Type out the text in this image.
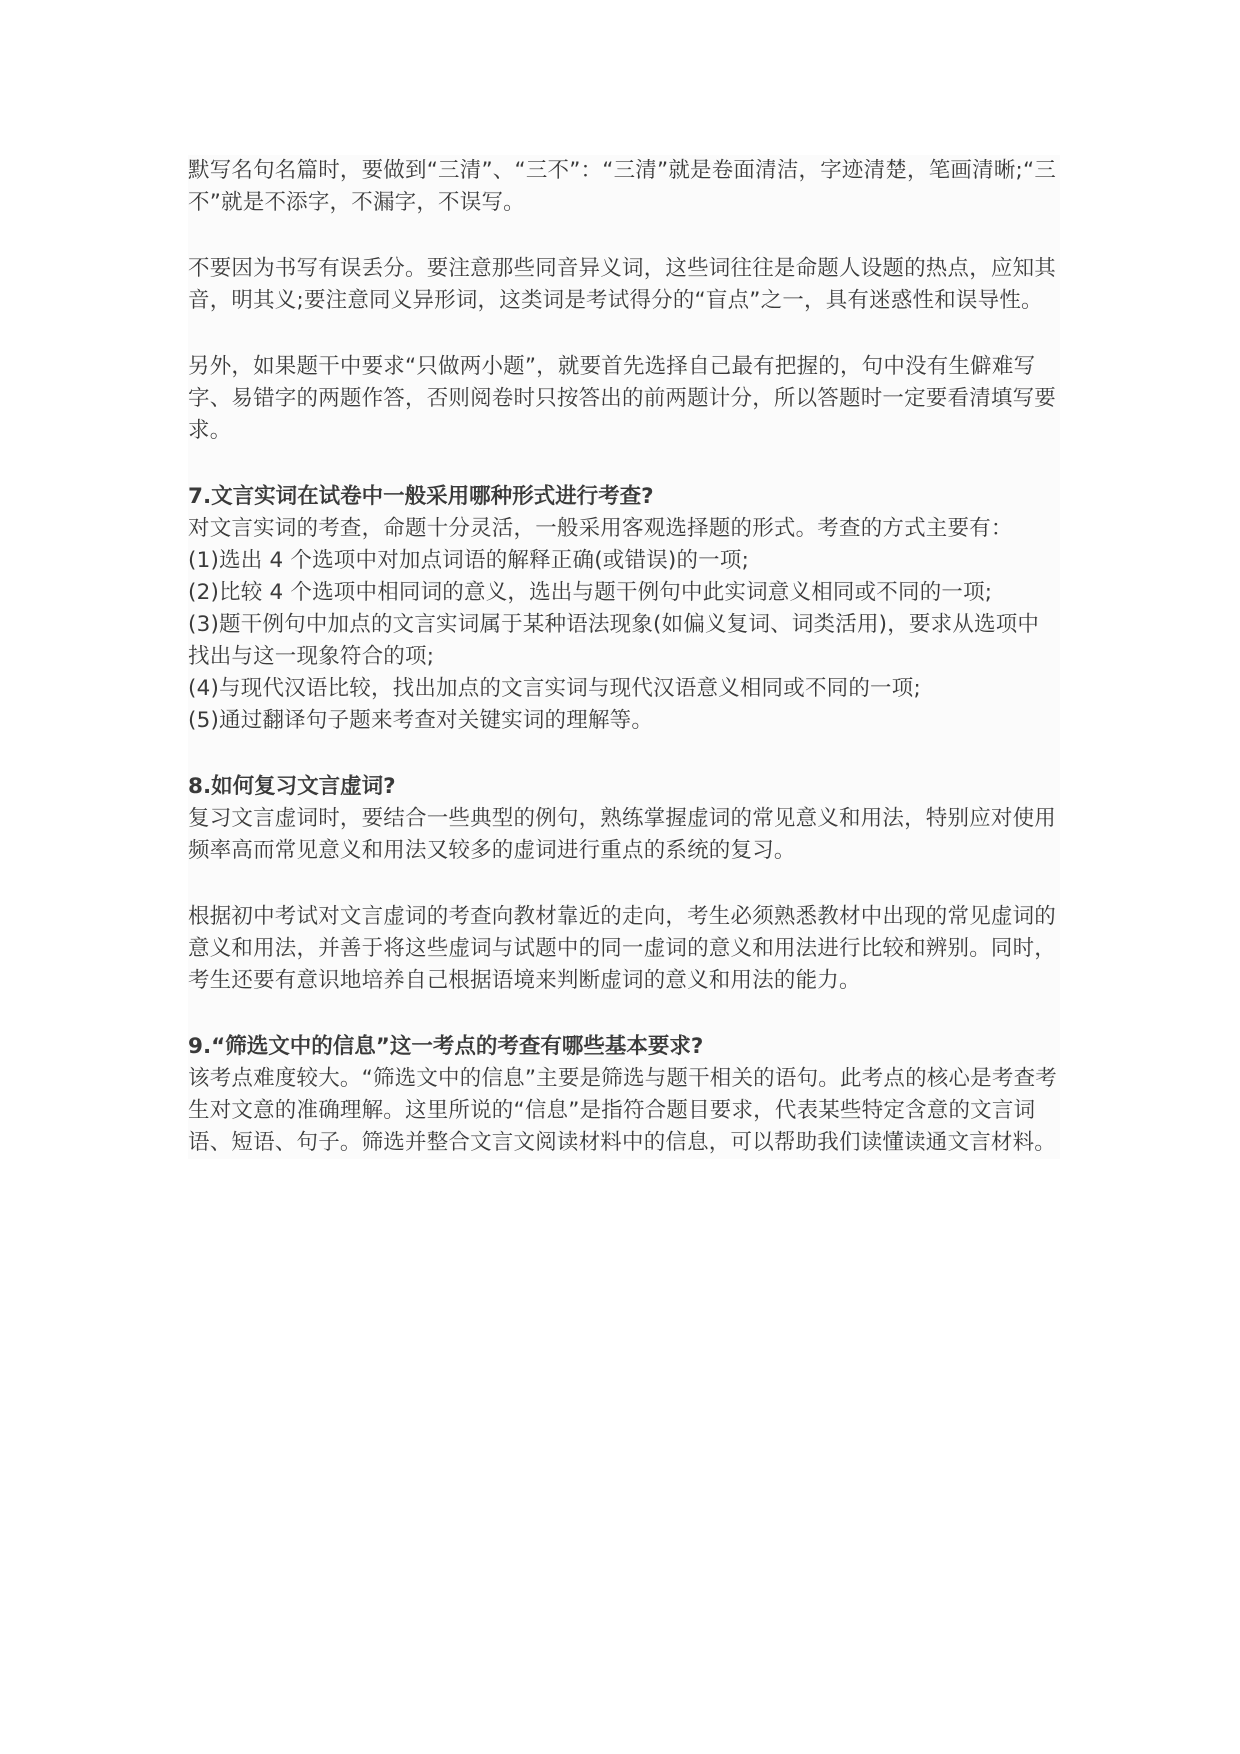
默写名句名篇时，要做到“三清”、“三不”：“三清”就是卷面清洁，字迹清楚，笔画清晰;“三不”就是不添字，不漏字，不误写。

不要因为书写有误丢分。要注意那些同音异义词，这些词往往是命题人设题的热点，应知其音，明其义;要注意同义异形词，这类词是考试得分的“盲点”之一，具有迷惑性和误导性。

另外，如果题干中要求“只做两小题”，就要首先选择自己最有把握的，句中没有生僻难写字、易错字的两题作答，否则阅卷时只按答出的前两题计分，所以答题时一定要看清填写要求。

7.文言实词在试卷中一般采用哪种形式进行考查?

对文言实词的考查，命题十分灵活，一般采用客观选择题的形式。考查的方式主要有：

(1)选出 4 个选项中对加点词语的解释正确(或错误)的一项;

(2)比较 4 个选项中相同词的意义，选出与题干例句中此实词意义相同或不同的一项;

(3)题干例句中加点的文言实词属于某种语法现象(如偏义复词、词类活用)，要求从选项中找出与这一现象符合的项;

(4)与现代汉语比较，找出加点的文言实词与现代汉语意义相同或不同的一项;

(5)通过翻译句子题来考查对关键实词的理解等。

8.如何复习文言虚词?

复习文言虚词时，要结合一些典型的例句，熟练掌握虚词的常见意义和用法，特别应对使用频率高而常见意义和用法又较多的虚词进行重点的系统的复习。

根据初中考试对文言虚词的考查向教材靠近的走向，考生必须熟悉教材中出现的常见虚词的意义和用法，并善于将这些虚词与试题中的同一虚词的意义和用法进行比较和辨别。同时，考生还要有意识地培养自己根据语境来判断虚词的意义和用法的能力。

9.“筛选文中的信息”这一考点的考查有哪些基本要求?

该考点难度较大。“筛选文中的信息”主要是筛选与题干相关的语句。此考点的核心是考查考生对文意的准确理解。这里所说的“信息”是指符合题目要求，代表某些特定含意的文言词语、短语、句子。筛选并整合文言文阅读材料中的信息，可以帮助我们读懂读通文言材料。
